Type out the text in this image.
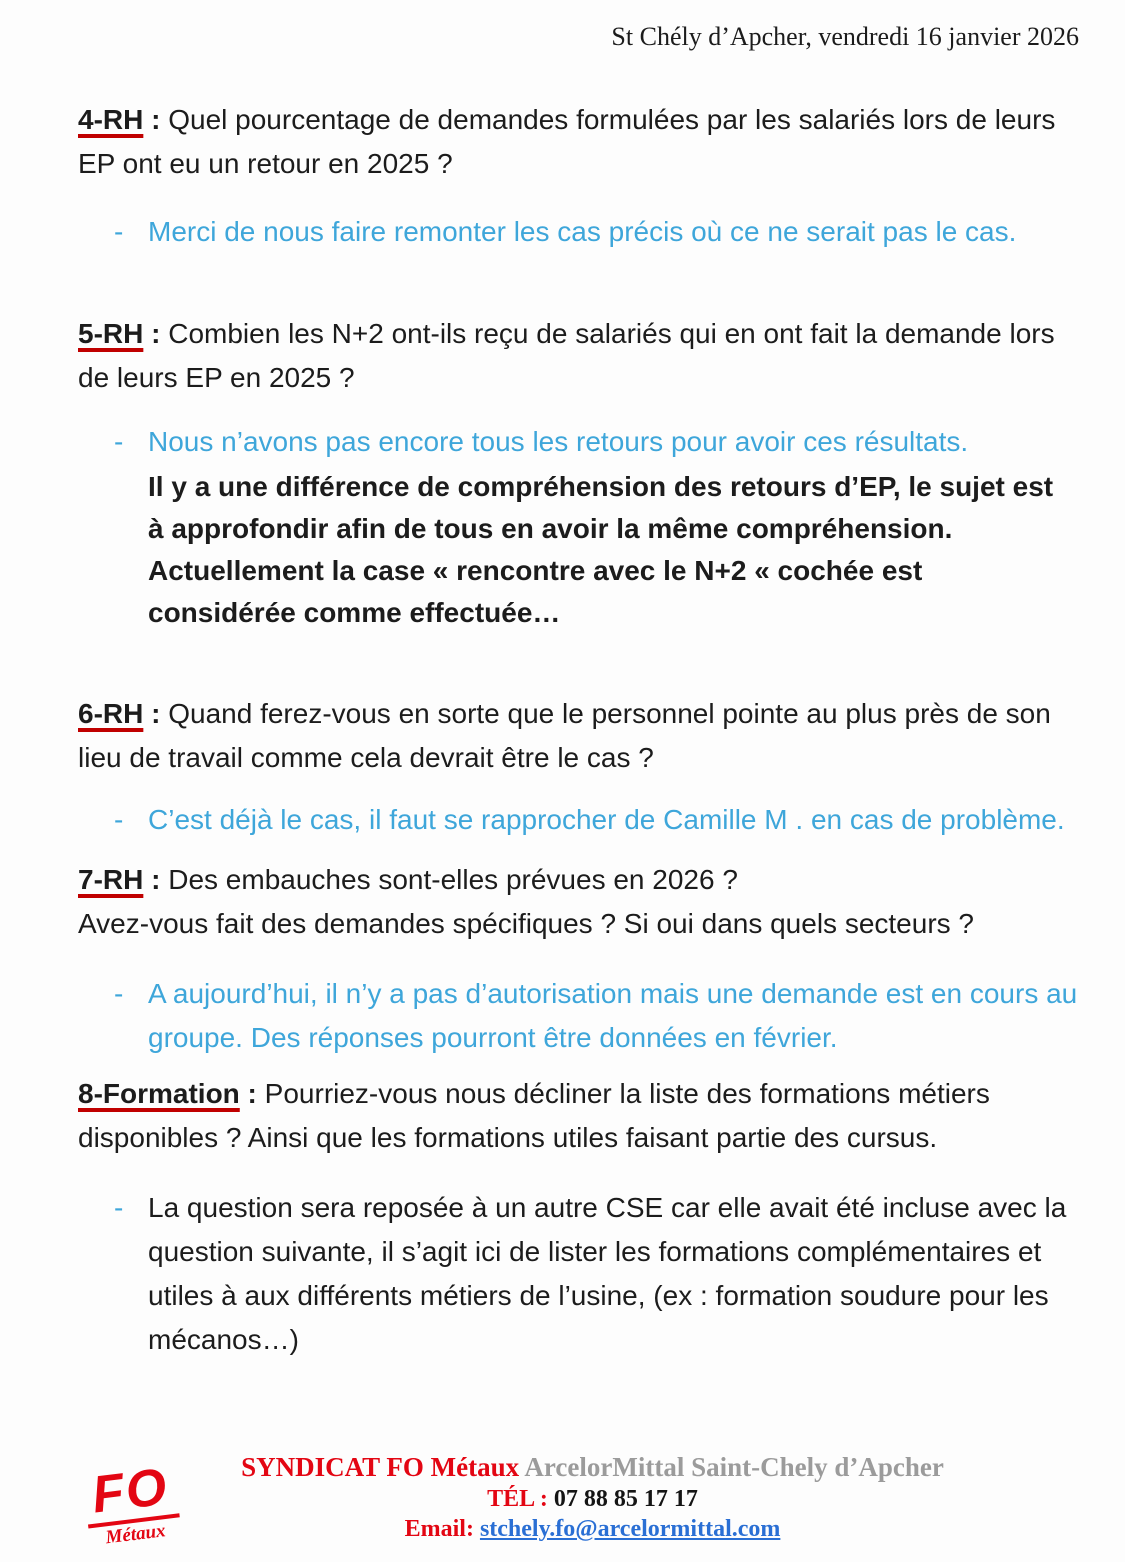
St Chély d’Apcher, vendredi 16 janvier 2026

4-RH : Quel pourcentage de demandes formulées par les salariés lors de leurs EP ont eu un retour en 2025 ?

- Merci de nous faire remonter les cas précis où ce ne serait pas le cas.

5-RH : Combien les N+2 ont-ils reçu de salariés qui en ont fait la demande lors de leurs EP en 2025 ?

- Nous n’avons pas encore tous les retours pour avoir ces résultats.

Il y a une différence de compréhension des retours d’EP, le sujet est à approfondir afin de tous en avoir la même compréhension. Actuellement la case « rencontre avec le N+2 « cochée est considérée comme effectuée…

6-RH : Quand ferez-vous en sorte que le personnel pointe au plus près de son lieu de travail comme cela devrait être le cas ?

- C’est déjà le cas, il faut se rapprocher de Camille M . en cas de problème.

7-RH : Des embauches sont-elles prévues en 2026 ?

Avez-vous fait des demandes spécifiques ? Si oui dans quels secteurs ?

- A aujourd’hui, il n’y a pas d’autorisation mais une demande est en cours au groupe. Des réponses pourront être données en février.

8-Formation : Pourriez-vous nous décliner la liste des formations métiers disponibles ? Ainsi que les formations utiles faisant partie des cursus.

- La question sera reposée à un autre CSE car elle avait été incluse avec la question suivante, il s’agit ici de lister les formations complémentaires et utiles à aux différents métiers de l’usine, (ex : formation soudure pour les mécanos…)
FO
Métaux
SYNDICAT FO Métaux ArcelorMittal Saint-Chely d’Apcher
TÉL : 07 88 85 17 17
Email: stchely.fo@arcelormittal.com
